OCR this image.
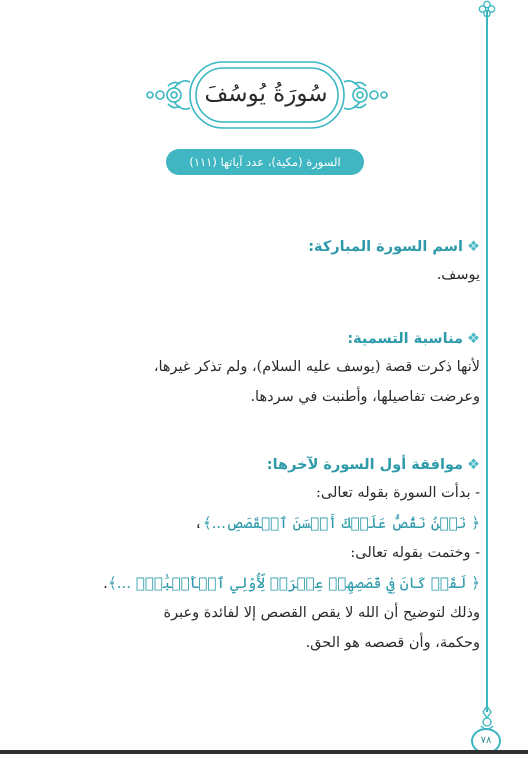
٧٨
سُورَةُ يُوسُفَ
السورة (مكية)، عدد آياتها (١١١)
❖اسم السورة المباركة:
يوسف.
❖مناسبة التسمية:
لأنها ذكرت قصة (يوسف عليه السلام)، ولم تذكر غيرها،
وعرضت تفاصيلها، وأطنبت في سردها.
❖موافقة أول السورة لآخرها:
- بدأت السورة بقوله تعالى:
﴿ نَحۡنُ نَقُصُّ عَلَيۡكَ أَحۡسَنَ ٱلۡقَصَصِ...﴾،
- وختمت بقوله تعالى:
﴿ لَقَدۡ كَانَ فِي قَصَصِهِمۡ عِبۡرَةٞ لِّأُوْلِي ٱلۡأَلۡبَٰبِۗ ...﴾.
وذلك لتوضيح أن الله لا يقص القصص إلا لفائدة وعبرة
وحكمة، وأن قصصه هو الحق.
